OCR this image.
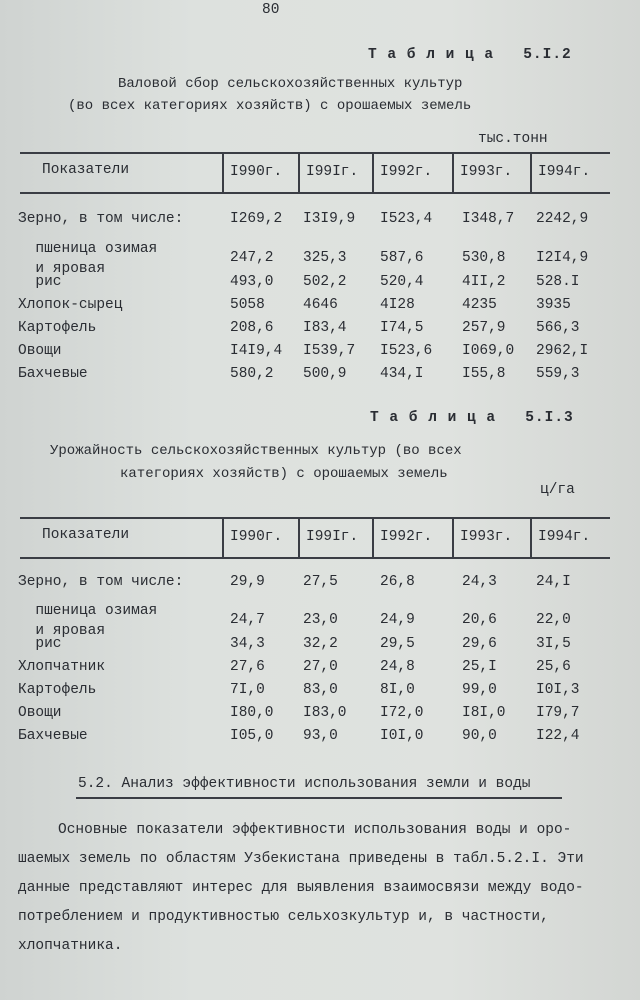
80
Т а б л и ц а   5.I.2
Валовой сбор сельскохозяйственных культур
(во всех категориях хозяйств) с орошаемых земель
тыс.тонн
Показатели	I990г. I99Iг. I992г. I993г. I994г.
Зерно, в том числе:	I269,2 I3I9,9 I523,4 I348,7 2242,9
пшеница озимая
и яровая
247,2 325,3 587,6	530,8 I2I4,9
рис	493,0 502,2 520,4	4II,2 528.I
Хлопок-сырец	5058	4646	4I28	4235	3935
Картофель	208,6 I83,4 I74,5	257,9 566,3
Овощи	I4I9,4 I539,7 I523,6 I069,0 2962,I
Бахчевые	580,2 500,9 434,I	I55,8 559,3
Т а б л и ц а   5.I.3
Урожайность сельскохозяйственных культур (во всех
категориях хозяйств) с орошаемых земель
ц/га
Показатели	I990г. I99Iг. I992г. I993г. I994г.
Зерно, в том числе:	29,9	27,5	26,8	24,3	24,I
пшеница озимая
и яровая
24,7	23,0	24,9	20,6	22,0
рис	34,3	32,2	29,5	29,6	3I,5
Хлопчатник	27,6	27,0	24,8	25,I	25,6
Картофель	7I,0	83,0	8I,0	99,0	I0I,3
Овощи	I80,0 I83,0 I72,0	I8I,0 I79,7
Бахчевые	I05,0 93,0	I0I,0	90,0	I22,4
5.2. Анализ эффективности использования земли и воды
Основные показатели эффективности использования воды и оро-
шаемых земель по областям Узбекистана приведены в табл.5.2.I. Эти
данные представляют интерес для выявления взаимосвязи между водо-
потреблением и продуктивностью сельхозкультур и, в частности,
хлопчатника.
